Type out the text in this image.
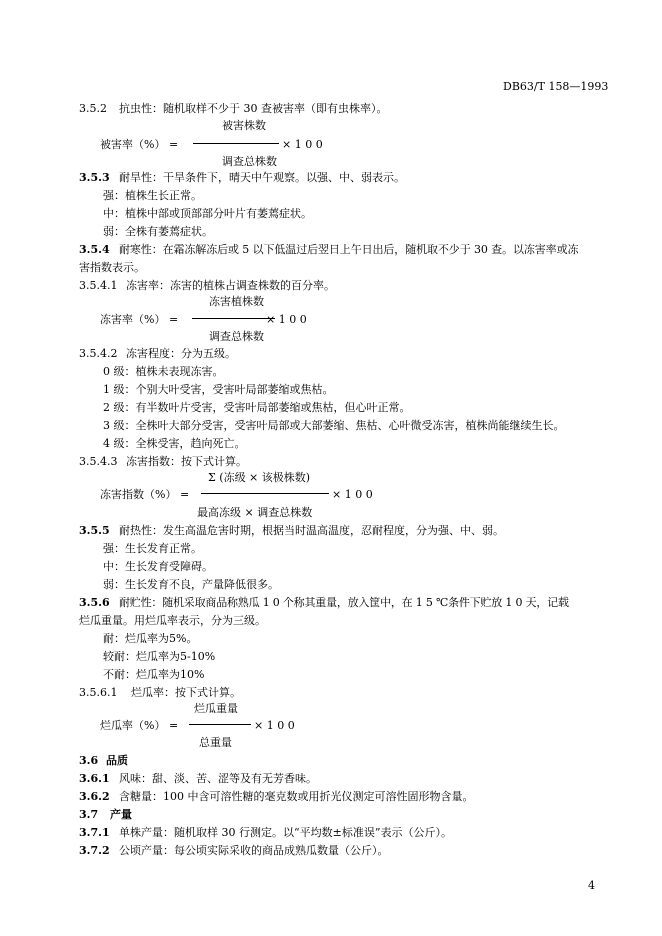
DB63/T 158—1993
3.5.2 抗虫性：随机取样不少于 30 查被害率（即有虫株率）。
被害株数
被害率（%） =	× 1 0 0
调查总株数
3.5.3 耐旱性：干旱条件下，晴天中午观察。以强、中、弱表示。
强：植株生长正常。
中：植株中部或顶部部分叶片有萎蔫症状。
弱：全株有萎蔫症状。
3.5.4 耐寒性：在霜冻解冻后或 5 以下低温过后翌日上午日出后，随机取不少于 30 查。以冻害率或冻
害指数表示。
3.5.4.1 冻害率：冻害的植株占调查株数的百分率。
冻害植株数
冻害率（%） =	× 1 0 0
调查总株数
3.5.4.2 冻害程度：分为五级。
0 级：植株未表现冻害。
1 级：个别大叶受害，受害叶局部萎缩或焦枯。
2 级：有半数叶片受害，受害叶局部萎缩或焦枯，但心叶正常。
3 级：全株叶大部分受害，受害叶局部或大部萎缩、焦枯、心叶微受冻害，植株尚能继续生长。
4 级：全株受害，趋向死亡。
3.5.4.3 冻害指数：按下式计算。
Σ (冻级 × 该极株数)
冻害指数（%） =	× 1 0 0
最高冻级 × 调查总株数
3.5.5 耐热性：发生高温危害时期，根据当时温高温度，忍耐程度，分为强、中、弱。
强：生长发育正常。
中：生长发育受障碍。
弱：生长发育不良，产量降低很多。
3.5.6 耐贮性：随机采取商品称熟瓜 1 0 个称其重量，放入筐中，在 1 5 ℃条件下贮放 1 0 天，记载
烂瓜重量。用烂瓜率表示，分为三级。
耐：烂瓜率为5%。
较耐：烂瓜率为5-10%
不耐：烂瓜率为10%
3.5.6.1 烂瓜率：按下式计算。
烂瓜重量
烂瓜率（%） =	× 1 0 0
总重量
3.6 品质
3.6.1 风味：甜、淡、苦、涩等及有无芳香味。
3.6.2 含糖量：100 中含可溶性糖的毫克数或用折光仪测定可溶性固形物含量。
3.7 产量
3.7.1 单株产量：随机取样 30 行测定。以“平均数±标准误”表示（公斤）。
3.7.2 公顷产量：每公顷实际采收的商品成熟瓜数量（公斤）。
4
